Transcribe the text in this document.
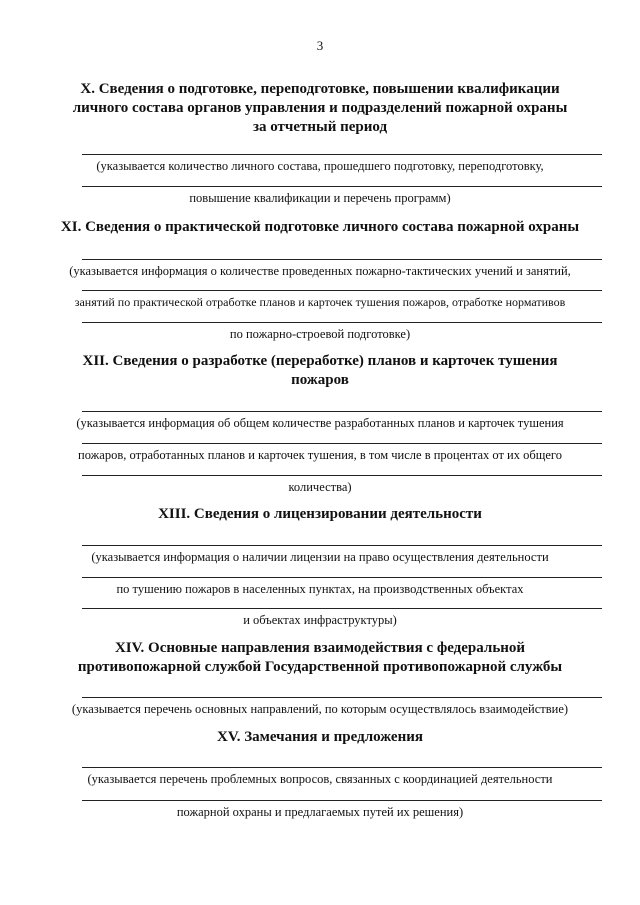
3
X. Сведения о подготовке, переподготовке, повышении квалификации
личного состава органов управления и подразделений пожарной охраны
за отчетный период
(указывается количество личного состава, прошедшего подготовку, переподготовку,
повышение квалификации и перечень программ)
XI. Сведения о практической подготовке личного состава пожарной охраны
(указывается информация о количестве проведенных пожарно-тактических учений и занятий,
занятий по практической отработке планов и карточек тушения пожаров, отработке нормативов
по пожарно-строевой подготовке)
XII. Сведения о разработке (переработке) планов и карточек тушения
пожаров
(указывается информация об общем количестве разработанных планов и карточек тушения
пожаров, отработанных планов и карточек тушения, в том числе в процентах от их общего
количества)
XIII. Сведения о лицензировании деятельности
(указывается информация о наличии лицензии на право осуществления деятельности
по тушению пожаров в населенных пунктах, на производственных объектах
и объектах инфраструктуры)
XIV. Основные направления взаимодействия с федеральной
противопожарной службой Государственной противопожарной службы
(указывается перечень основных направлений, по которым осуществлялось взаимодействие)
XV. Замечания и предложения
(указывается перечень проблемных вопросов, связанных с координацией деятельности
пожарной охраны и предлагаемых путей их решения)
